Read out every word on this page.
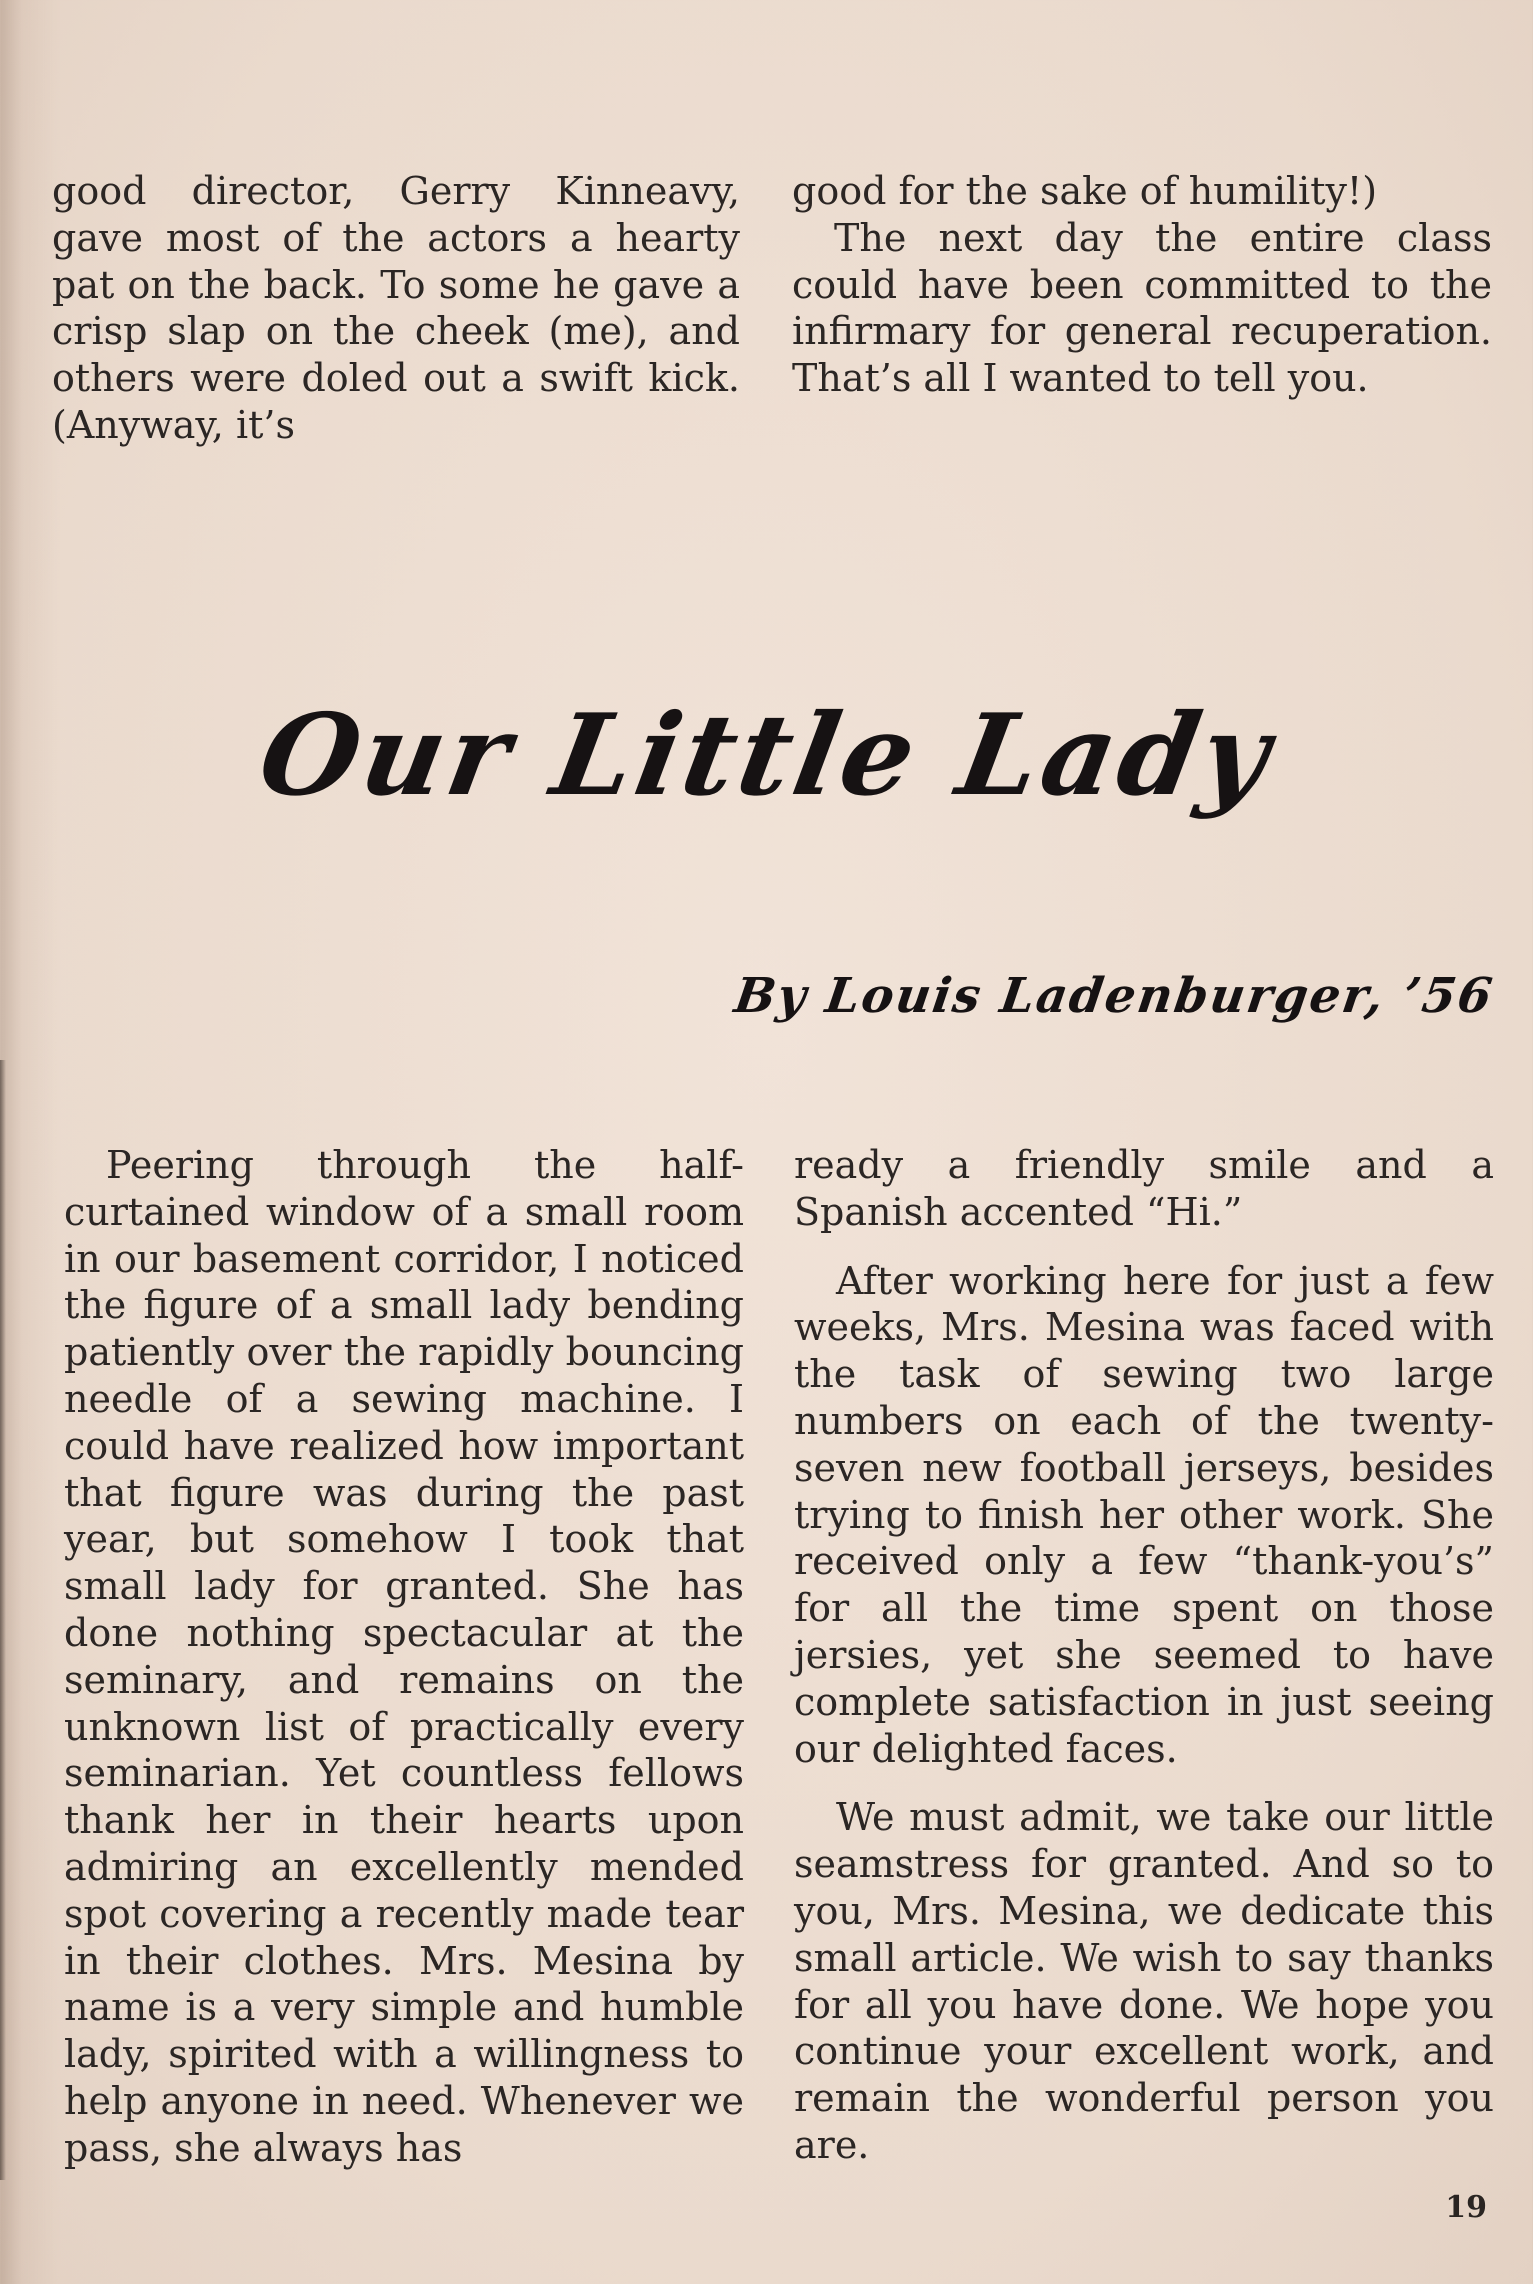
good director, Gerry Kinneavy, gave most of the actors a hearty pat on the back. To some he gave a crisp slap on the cheek (me), and others were doled out a swift kick. (Anyway, it’s

good for the sake of humility!)

The next day the entire class could have been committed to the infirmary for general recuperation. That’s all I wanted to tell you.

Our Little Lady
By Louis Ladenburger, ’56

Peering through the half-curtained window of a small room in our basement corridor, I noticed the figure of a small lady bending patiently over the rapidly bouncing needle of a sewing machine. I could have realized how important that figure was during the past year, but somehow I took that small lady for granted. She has done nothing spectacular at the seminary, and remains on the unknown list of practically every seminarian. Yet countless fellows thank her in their hearts upon admiring an excellently mended spot covering a recently made tear in their clothes. Mrs. Mesina by name is a very simple and humble lady, spirited with a willingness to help anyone in need. Whenever we pass, she always has

ready a friendly smile and a Spanish accented “Hi.”

After working here for just a few weeks, Mrs. Mesina was faced with the task of sewing two large numbers on each of the twenty-seven new football jerseys, besides trying to finish her other work. She received only a few “thank-you’s” for all the time spent on those jersies, yet she seemed to have complete satisfaction in just seeing our delighted faces.

We must admit, we take our little seamstress for granted. And so to you, Mrs. Mesina, we dedicate this small article. We wish to say thanks for all you have done. We hope you continue your excellent work, and remain the wonderful person you are.

19
